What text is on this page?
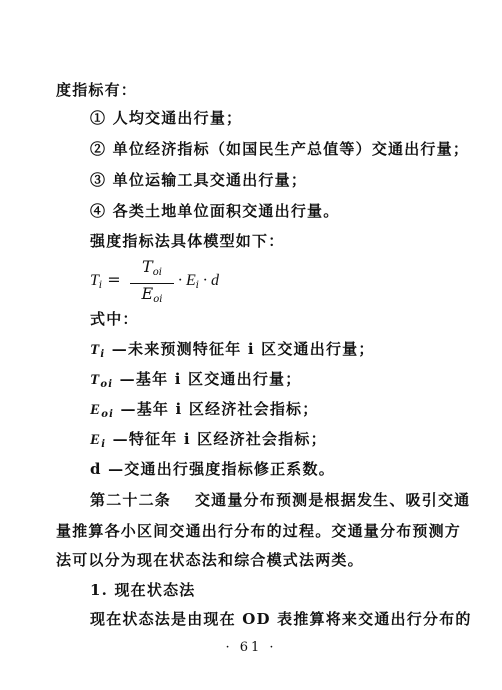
度指标有：
① 人均交通出行量；
② 单位经济指标（如国民生产总值等）交通出行量；
③ 单位运输工具交通出行量；
④ 各类土地单位面积交通出行量。
强度指标法具体模型如下：
$T_i$ =
$T_{oi}$
$E_{oi}$
· $E_i \cdot d$
式中：
$T_i$ —未来预测特征年 i 区交通出行量；
$T_{oi}$ —基年 i 区交通出行量；
$E_{oi}$ —基年 i 区经济社会指标；
$E_i$ —特征年 i 区经济社会指标；
d —交通出行强度指标修正系数。
第二十二条 交通量分布预测是根据发生、吸引交通
量推算各小区间交通出行分布的过程。交通量分布预测方
法可以分为现在状态法和综合模式法两类。
1. 现在状态法
现在状态法是由现在 OD 表推算将来交通出行分布的
· 61 ·
